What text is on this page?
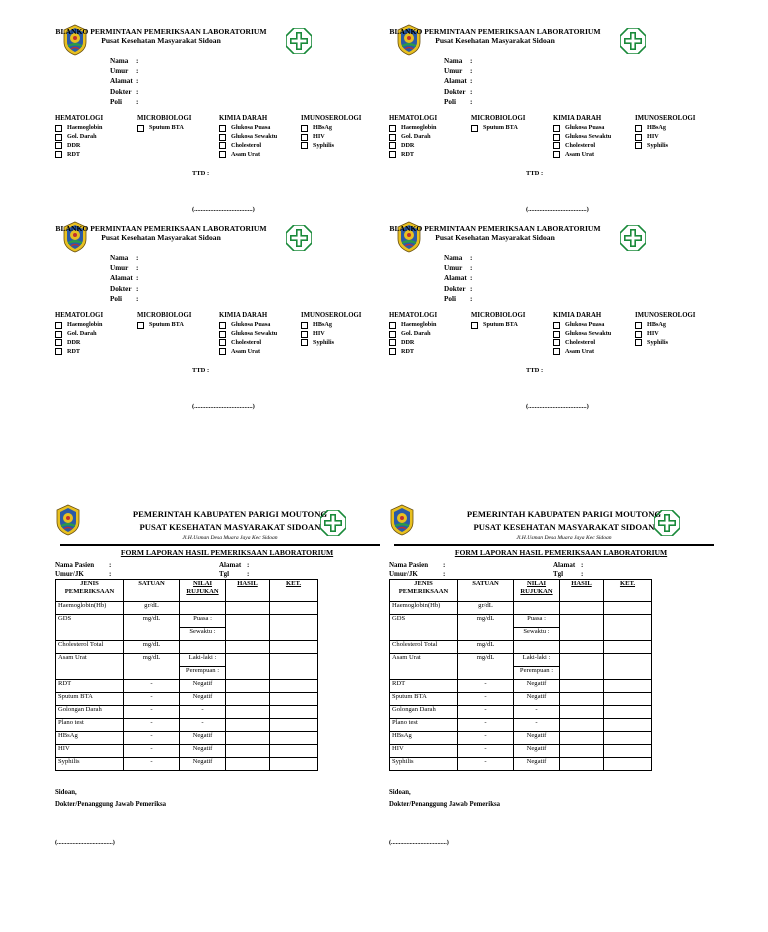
BLANKO PERMINTAAN PEMERIKSAAN LABORATORIUM
Pusat Kesehatan Masyarakat Sidoan
Nama	:
Umur	:
Alamat :
Dokter :
Poli	:
HEMATOLOGI
Haemoglobin
Gol. Darah
DDR
RDT
MICROBIOLOGI
Sputum BTA
KIMIA DARAH
Glukosa Puasa
Glukosa Sewaktu
Cholesterol
Asam Urat
IMUNOSEROLOGI
HBsAg
HIV
Syphilis
TTD :
(....................................)
BLANKO PERMINTAAN PEMERIKSAAN LABORATORIUM
Pusat Kesehatan Masyarakat Sidoan
Nama	:
Umur	:
Alamat :
Dokter :
Poli	:
HEMATOLOGI
Haemoglobin
Gol. Darah
DDR
RDT
MICROBIOLOGI
Sputum BTA
KIMIA DARAH
Glukosa Puasa
Glukosa Sewaktu
Cholesterol
Asam Urat
IMUNOSEROLOGI
HBsAg
HIV
Syphilis
TTD :
(....................................)
BLANKO PERMINTAAN PEMERIKSAAN LABORATORIUM
Pusat Kesehatan Masyarakat Sidoan
Nama	:
Umur	:
Alamat :
Dokter :
Poli	:
HEMATOLOGI
Haemoglobin
Gol. Darah
DDR
RDT
MICROBIOLOGI
Sputum BTA
KIMIA DARAH
Glukosa Puasa
Glukosa Sewaktu
Cholesterol
Asam Urat
IMUNOSEROLOGI
HBsAg
HIV
Syphilis
TTD :
(....................................)
BLANKO PERMINTAAN PEMERIKSAAN LABORATORIUM
Pusat Kesehatan Masyarakat Sidoan
Nama	:
Umur	:
Alamat :
Dokter :
Poli	:
HEMATOLOGI
Haemoglobin
Gol. Darah
DDR
RDT
MICROBIOLOGI
Sputum BTA
KIMIA DARAH
Glukosa Puasa
Glukosa Sewaktu
Cholesterol
Asam Urat
IMUNOSEROLOGI
HBsAg
HIV
Syphilis
TTD :
(....................................)
PEMERINTAH KABUPATEN PARIGI MOUTONG
PUSAT KESEHATAN MASYARAKAT SIDOAN
Jl.H.Usman Desa Muara Jaya Kec Sidoan
FORM LAPORAN HASIL PEMERIKSAAN LABORATORIUM
Nama Pasien	:
Umur/JK	:
Alamat :
Tgl	:
JENIS PEMERIKSAAN	SATUAN	NILAI RUJUKAN	HASIL	KET.
Haemoglobin(Hb)	gr/dL			
GDS	mg/dL	Puasa :		
		Sewaktu :		
Cholesterol Total	mg/dL			
Asam Urat	mg/dL	Laki-laki :		
		Perempuan :		
RDT	-	Negatif		
Sputum BTA	-	Negatif		
Golongan Darah	-	-		
Plano test	-	-		
HBsAg	-	Negatif		
HIV	-	Negatif		
Syphilis	-	Negatif		
Sidoan,
Dokter/Penanggung Jawab Pemeriksa
(....................................)
PEMERINTAH KABUPATEN PARIGI MOUTONG
PUSAT KESEHATAN MASYARAKAT SIDOAN
Jl.H.Usman Desa Muara Jaya Kec Sidoan
FORM LAPORAN HASIL PEMERIKSAAN LABORATORIUM
Nama Pasien	:
Umur/JK	:
Alamat :
Tgl	:
JENIS PEMERIKSAAN	SATUAN	NILAI RUJUKAN	HASIL	KET.
Haemoglobin(Hb)	gr/dL			
GDS	mg/dL	Puasa :		
		Sewaktu :		
Cholesterol Total	mg/dL			
Asam Urat	mg/dL	Laki-laki :		
		Perempuan :		
RDT	-	Negatif		
Sputum BTA	-	Negatif		
Golongan Darah	-	-		
Plano test	-	-		
HBsAg	-	Negatif		
HIV	-	Negatif		
Syphilis	-	Negatif		
Sidoan,
Dokter/Penanggung Jawab Pemeriksa
(....................................)
